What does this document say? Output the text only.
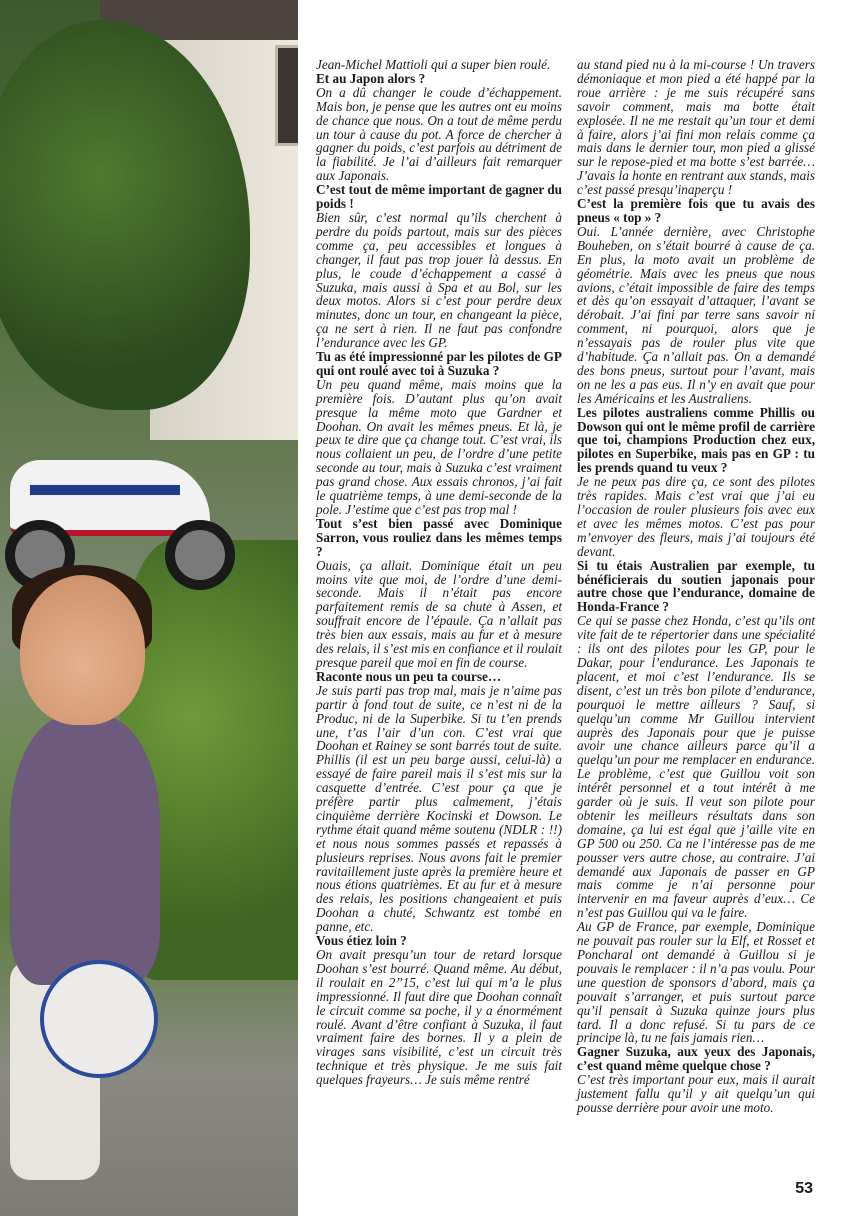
Jean-Michel Mattioli qui a super bien roulé.

Et au Japon alors ?

On a dû changer le coude d’échappement. Mais bon, je pense que les autres ont eu moins de chance que nous. On a tout de même perdu un tour à cause du pot. A force de chercher à gagner du poids, c’est parfois au détriment de la fiabilité. Je l’ai d’ailleurs fait remarquer aux Japonais.

C’est tout de même important de gagner du poids !

Bien sûr, c’est normal qu’ils cherchent à perdre du poids partout, mais sur des pièces comme ça, peu accessibles et longues à changer, il faut pas trop jouer là dessus. En plus, le coude d’échappement a cassé à Suzuka, mais aussi à Spa et au Bol, sur les deux motos. Alors si c’est pour perdre deux minutes, donc un tour, en changeant la pièce, ça ne sert à rien. Il ne faut pas confondre l’endurance avec les GP.

Tu as été impressionné par les pilotes de GP qui ont roulé avec toi à Suzuka ?

Un peu quand même, mais moins que la première fois. D’autant plus qu’on avait presque la même moto que Gardner et Doohan. On avait les mêmes pneus. Et là, je peux te dire que ça change tout. C’est vrai, ils nous collaient un peu, de l’ordre d’une petite seconde au tour, mais à Suzuka c’est vraiment pas grand chose. Aux essais chronos, j’ai fait le quatrième temps, à une demi-seconde de la pole. J’estime que c’est pas trop mal !

Tout s’est bien passé avec Dominique Sarron, vous rouliez dans les mêmes temps ?

Ouais, ça allait. Dominique était un peu moins vite que moi, de l’ordre d’une demi-seconde. Mais il n’était pas encore parfaitement remis de sa chute à Assen, et souffrait encore de l’épaule. Ça n’allait pas très bien aux essais, mais au fur et à mesure des relais, il s’est mis en confiance et il roulait presque pareil que moi en fin de course.

Raconte nous un peu ta course…

Je suis parti pas trop mal, mais je n’aime pas partir à fond tout de suite, ce n’est ni de la Produc, ni de la Superbike. Si tu t’en prends une, t’as l’air d’un con. C’est vrai que Doohan et Rainey se sont barrés tout de suite. Phillis (il est un peu barge aussi, celui-là) a essayé de faire pareil mais il s’est mis sur la casquette d’entrée. C’est pour ça que je préfère partir plus calmement, j’étais cinquième derrière Kocinski et Dowson. Le rythme était quand même soutenu (NDLR : !!) et nous nous sommes passés et repassés à plusieurs reprises. Nous avons fait le premier ravitaillement juste après la première heure et nous étions quatrièmes. Et au fur et à mesure des relais, les positions changeaient et puis Doohan a chuté, Schwantz est tombé en panne, etc.

Vous étiez loin ?

On avait presqu’un tour de retard lorsque Doohan s’est bourré. Quand même. Au début, il roulait en 2’’15, c’est lui qui m’a le plus impressionné. Il faut dire que Doohan connaît le circuit comme sa poche, il y a énormément roulé. Avant d’être confiant à Suzuka, il faut vraiment faire des bornes. Il y a plein de virages sans visibilité, c’est un circuit très technique et très physique. Je me suis fait quelques frayeurs… Je suis même rentré

au stand pied nu à la mi-course ! Un travers démoniaque et mon pied a été happé par la roue arrière : je me suis récupéré sans savoir comment, mais ma botte était explosée. Il ne me restait qu’un tour et demi à faire, alors j’ai fini mon relais comme ça mais dans le dernier tour, mon pied a glissé sur le repose-pied et ma botte s’est barrée… J’avais la honte en rentrant aux stands, mais c’est passé presqu’inaperçu !

C’est la première fois que tu avais des pneus « top » ?

Oui. L’année dernière, avec Christophe Bouheben, on s’était bourré à cause de ça. En plus, la moto avait un problème de géométrie. Mais avec les pneus que nous avions, c’était impossible de faire des temps et dès qu’on essayait d’attaquer, l’avant se dérobait. J’ai fini par terre sans savoir ni comment, ni pourquoi, alors que je n’essayais pas de rouler plus vite que d’habitude. Ça n’allait pas. On a demandé des bons pneus, surtout pour l’avant, mais on ne les a pas eus. Il n’y en avait que pour les Américains et les Australiens.

Les pilotes australiens comme Phillis ou Dowson qui ont le même profil de carrière que toi, champions Production chez eux, pilotes en Superbike, mais pas en GP : tu les prends quand tu veux ?

Je ne peux pas dire ça, ce sont des pilotes très rapides. Mais c’est vrai que j’ai eu l’occasion de rouler plusieurs fois avec eux et avec les mêmes motos. C’est pas pour m’envoyer des fleurs, mais j’ai toujours été devant.

Si tu étais Australien par exemple, tu bénéficierais du soutien japonais pour autre chose que l’endurance, domaine de Honda-France ?

Ce qui se passe chez Honda, c’est qu’ils ont vite fait de te répertorier dans une spécialité : ils ont des pilotes pour les GP, pour le Dakar, pour l’endurance. Les Japonais te placent, et moi c’est l’endurance. Ils se disent, c’est un très bon pilote d’endurance, pourquoi le mettre ailleurs ? Sauf, si quelqu’un comme Mr Guillou intervient auprès des Japonais pour que je puisse avoir une chance ailleurs parce qu’il a quelqu’un pour me remplacer en endurance. Le problème, c’est que Guillou voit son intérêt personnel et a tout intérêt à me garder où je suis. Il veut son pilote pour obtenir les meilleurs résultats dans son domaine, ça lui est égal que j’aille vite en GP 500 ou 250. Ca ne l’intéresse pas de me pousser vers autre chose, au contraire. J’ai demandé aux Japonais de passer en GP mais comme je n’ai personne pour intervenir en ma faveur auprès d’eux… Ce n’est pas Guillou qui va le faire.

Au GP de France, par exemple, Dominique ne pouvait pas rouler sur la Elf, et Rosset et Poncharal ont demandé à Guillou si je pouvais le remplacer : il n’a pas voulu. Pour une question de sponsors d’abord, mais ça pouvait s’arranger, et puis surtout parce qu’il pensait à Suzuka quinze jours plus tard. Il a donc refusé. Si tu pars de ce principe là, tu ne fais jamais rien…

Gagner Suzuka, aux yeux des Japonais, c’est quand même quelque chose ?

C’est très important pour eux, mais il aurait justement fallu qu’il y ait quelqu’un qui pousse derrière pour avoir une moto.

53
